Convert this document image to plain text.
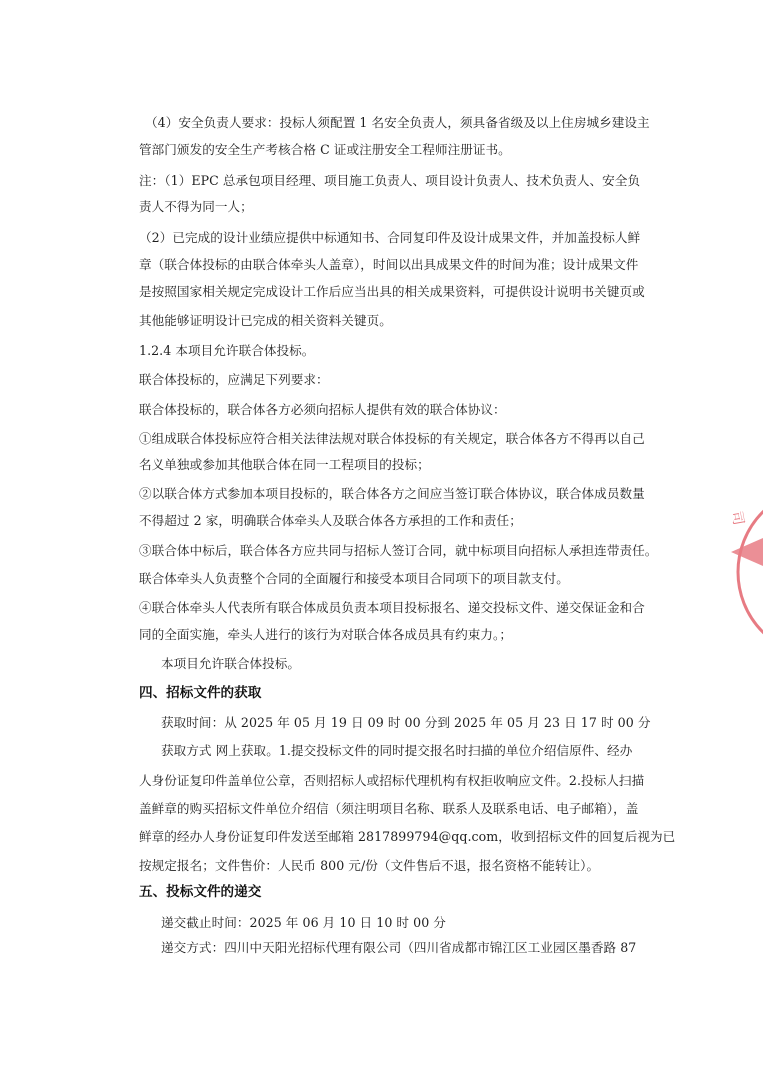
（4）安全负责人要求：投标人须配置 1 名安全负责人，须具备省级及以上住房城乡建设主
管部门颁发的安全生产考核合格 C 证或注册安全工程师注册证书。
注：（1）EPC 总承包项目经理、项目施工负责人、项目设计负责人、技术负责人、安全负
责人不得为同一人；
（2）已完成的设计业绩应提供中标通知书、合同复印件及设计成果文件，并加盖投标人鲜
章（联合体投标的由联合体牵头人盖章），时间以出具成果文件的时间为准；设计成果文件
是按照国家相关规定完成设计工作后应当出具的相关成果资料，可提供设计说明书关键页或
其他能够证明设计已完成的相关资料关键页。
1.2.4 本项目允许联合体投标。
联合体投标的，应满足下列要求：
联合体投标的，联合体各方必须向招标人提供有效的联合体协议：
①组成联合体投标应符合相关法律法规对联合体投标的有关规定，联合体各方不得再以自己
名义单独或参加其他联合体在同一工程项目的投标；
②以联合体方式参加本项目投标的，联合体各方之间应当签订联合体协议，联合体成员数量
不得超过 2 家，明确联合体牵头人及联合体各方承担的工作和责任；
③联合体中标后，联合体各方应共同与招标人签订合同，就中标项目向招标人承担连带责任。
联合体牵头人负责整个合同的全面履行和接受本项目合同项下的项目款支付。
④联合体牵头人代表所有联合体成员负责本项目投标报名、递交投标文件、递交保证金和合
同的全面实施，牵头人进行的该行为对联合体各成员具有约束力。；
本项目允许联合体投标。
四、招标文件的获取
获取时间：从 2025 年 05 月 19 日 09 时 00 分到 2025 年 05 月 23 日 17 时 00 分
获取方式 网上获取。1.提交投标文件的同时提交报名时扫描的单位介绍信原件、经办
人身份证复印件盖单位公章，否则招标人或招标代理机构有权拒收响应文件。2.投标人扫描
盖鲜章的购买招标文件单位介绍信（须注明项目名称、联系人及联系电话、电子邮箱），盖
鲜章的经办人身份证复印件发送至邮箱 2817899794@qq.com，收到招标文件的回复后视为已
按规定报名；文件售价：人民币 800 元/份（文件售后不退，报名资格不能转让）。
五、投标文件的递交
递交截止时间：2025 年 06 月 10 日 10 时 00 分
递交方式：四川中天阳光招标代理有限公司（四川省成都市锦江区工业园区墨香路 87
司
